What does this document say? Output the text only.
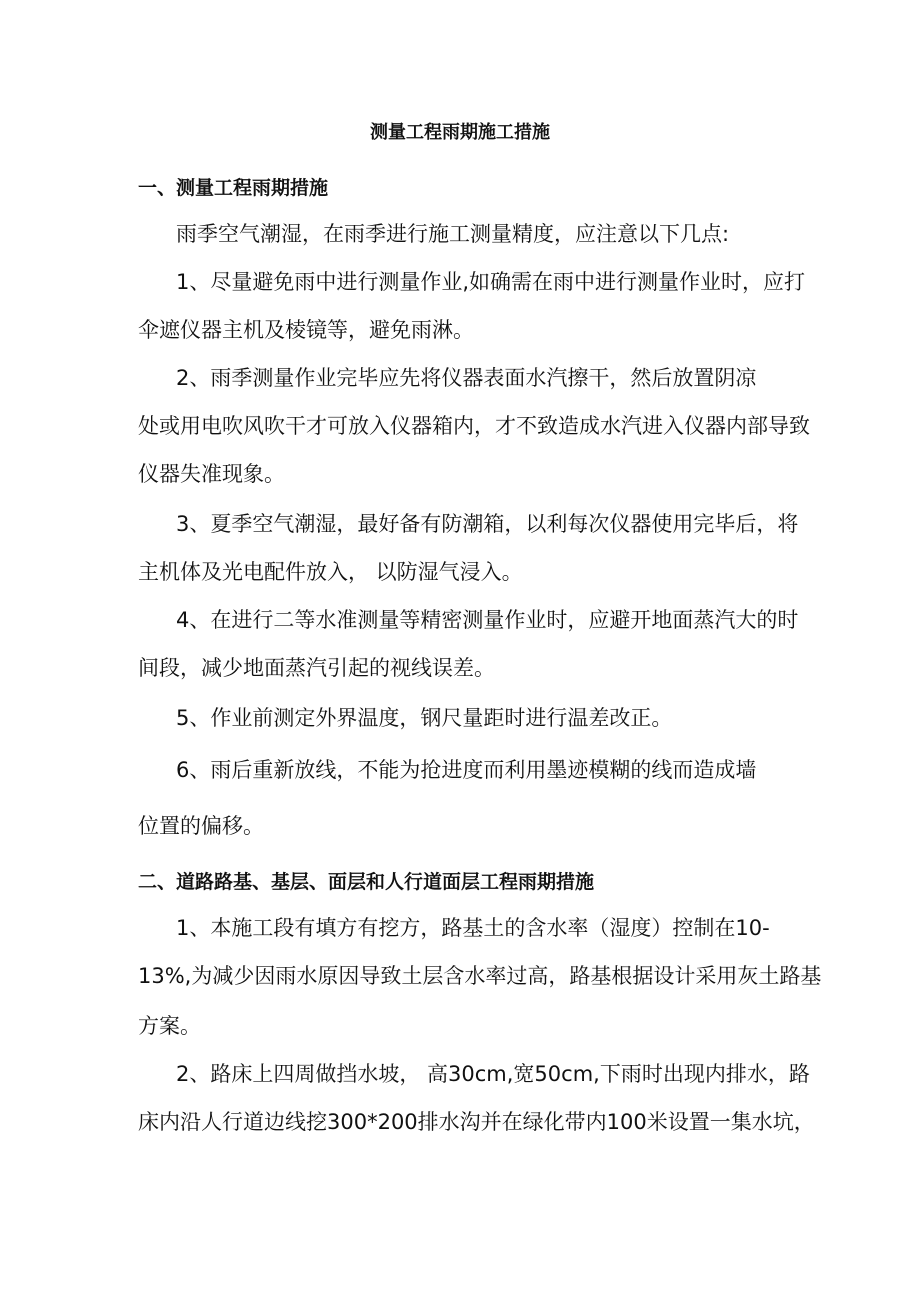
测量工程雨期施工措施
一、测量工程雨期措施
雨季空气潮湿，在雨季进行施工测量精度，应注意以下几点:
1、尽量避免雨中进行测量作业,如确需在雨中进行测量作业时，应打
伞遮仪器主机及棱镜等，避免雨淋。
2、雨季测量作业完毕应先将仪器表面水汽擦干，然后放置阴凉
处或用电吹风吹干才可放入仪器箱内，才不致造成水汽进入仪器内部导致
仪器失准现象。
3、夏季空气潮湿，最好备有防潮箱，以利每次仪器使用完毕后，将
主机体及光电配件放入， 以防湿气浸入。
4、在进行二等水准测量等精密测量作业时，应避开地面蒸汽大的时
间段，减少地面蒸汽引起的视线误差。
5、作业前测定外界温度，钢尺量距时进行温差改正。
6、雨后重新放线，不能为抢进度而利用墨迹模糊的线而造成墙
位置的偏移。
二、道路路基、基层、面层和人行道面层工程雨期措施
1、本施工段有填方有挖方，路基土的含水率（湿度）控制在10-
13%,为减少因雨水原因导致土层含水率过高，路基根据设计采用灰土路基
方案。
2、路床上四周做挡水坡， 高30cm,宽50cm,下雨时出现内排水，路
床内沿人行道边线挖300*200排水沟并在绿化带内100米设置一集水坑，
